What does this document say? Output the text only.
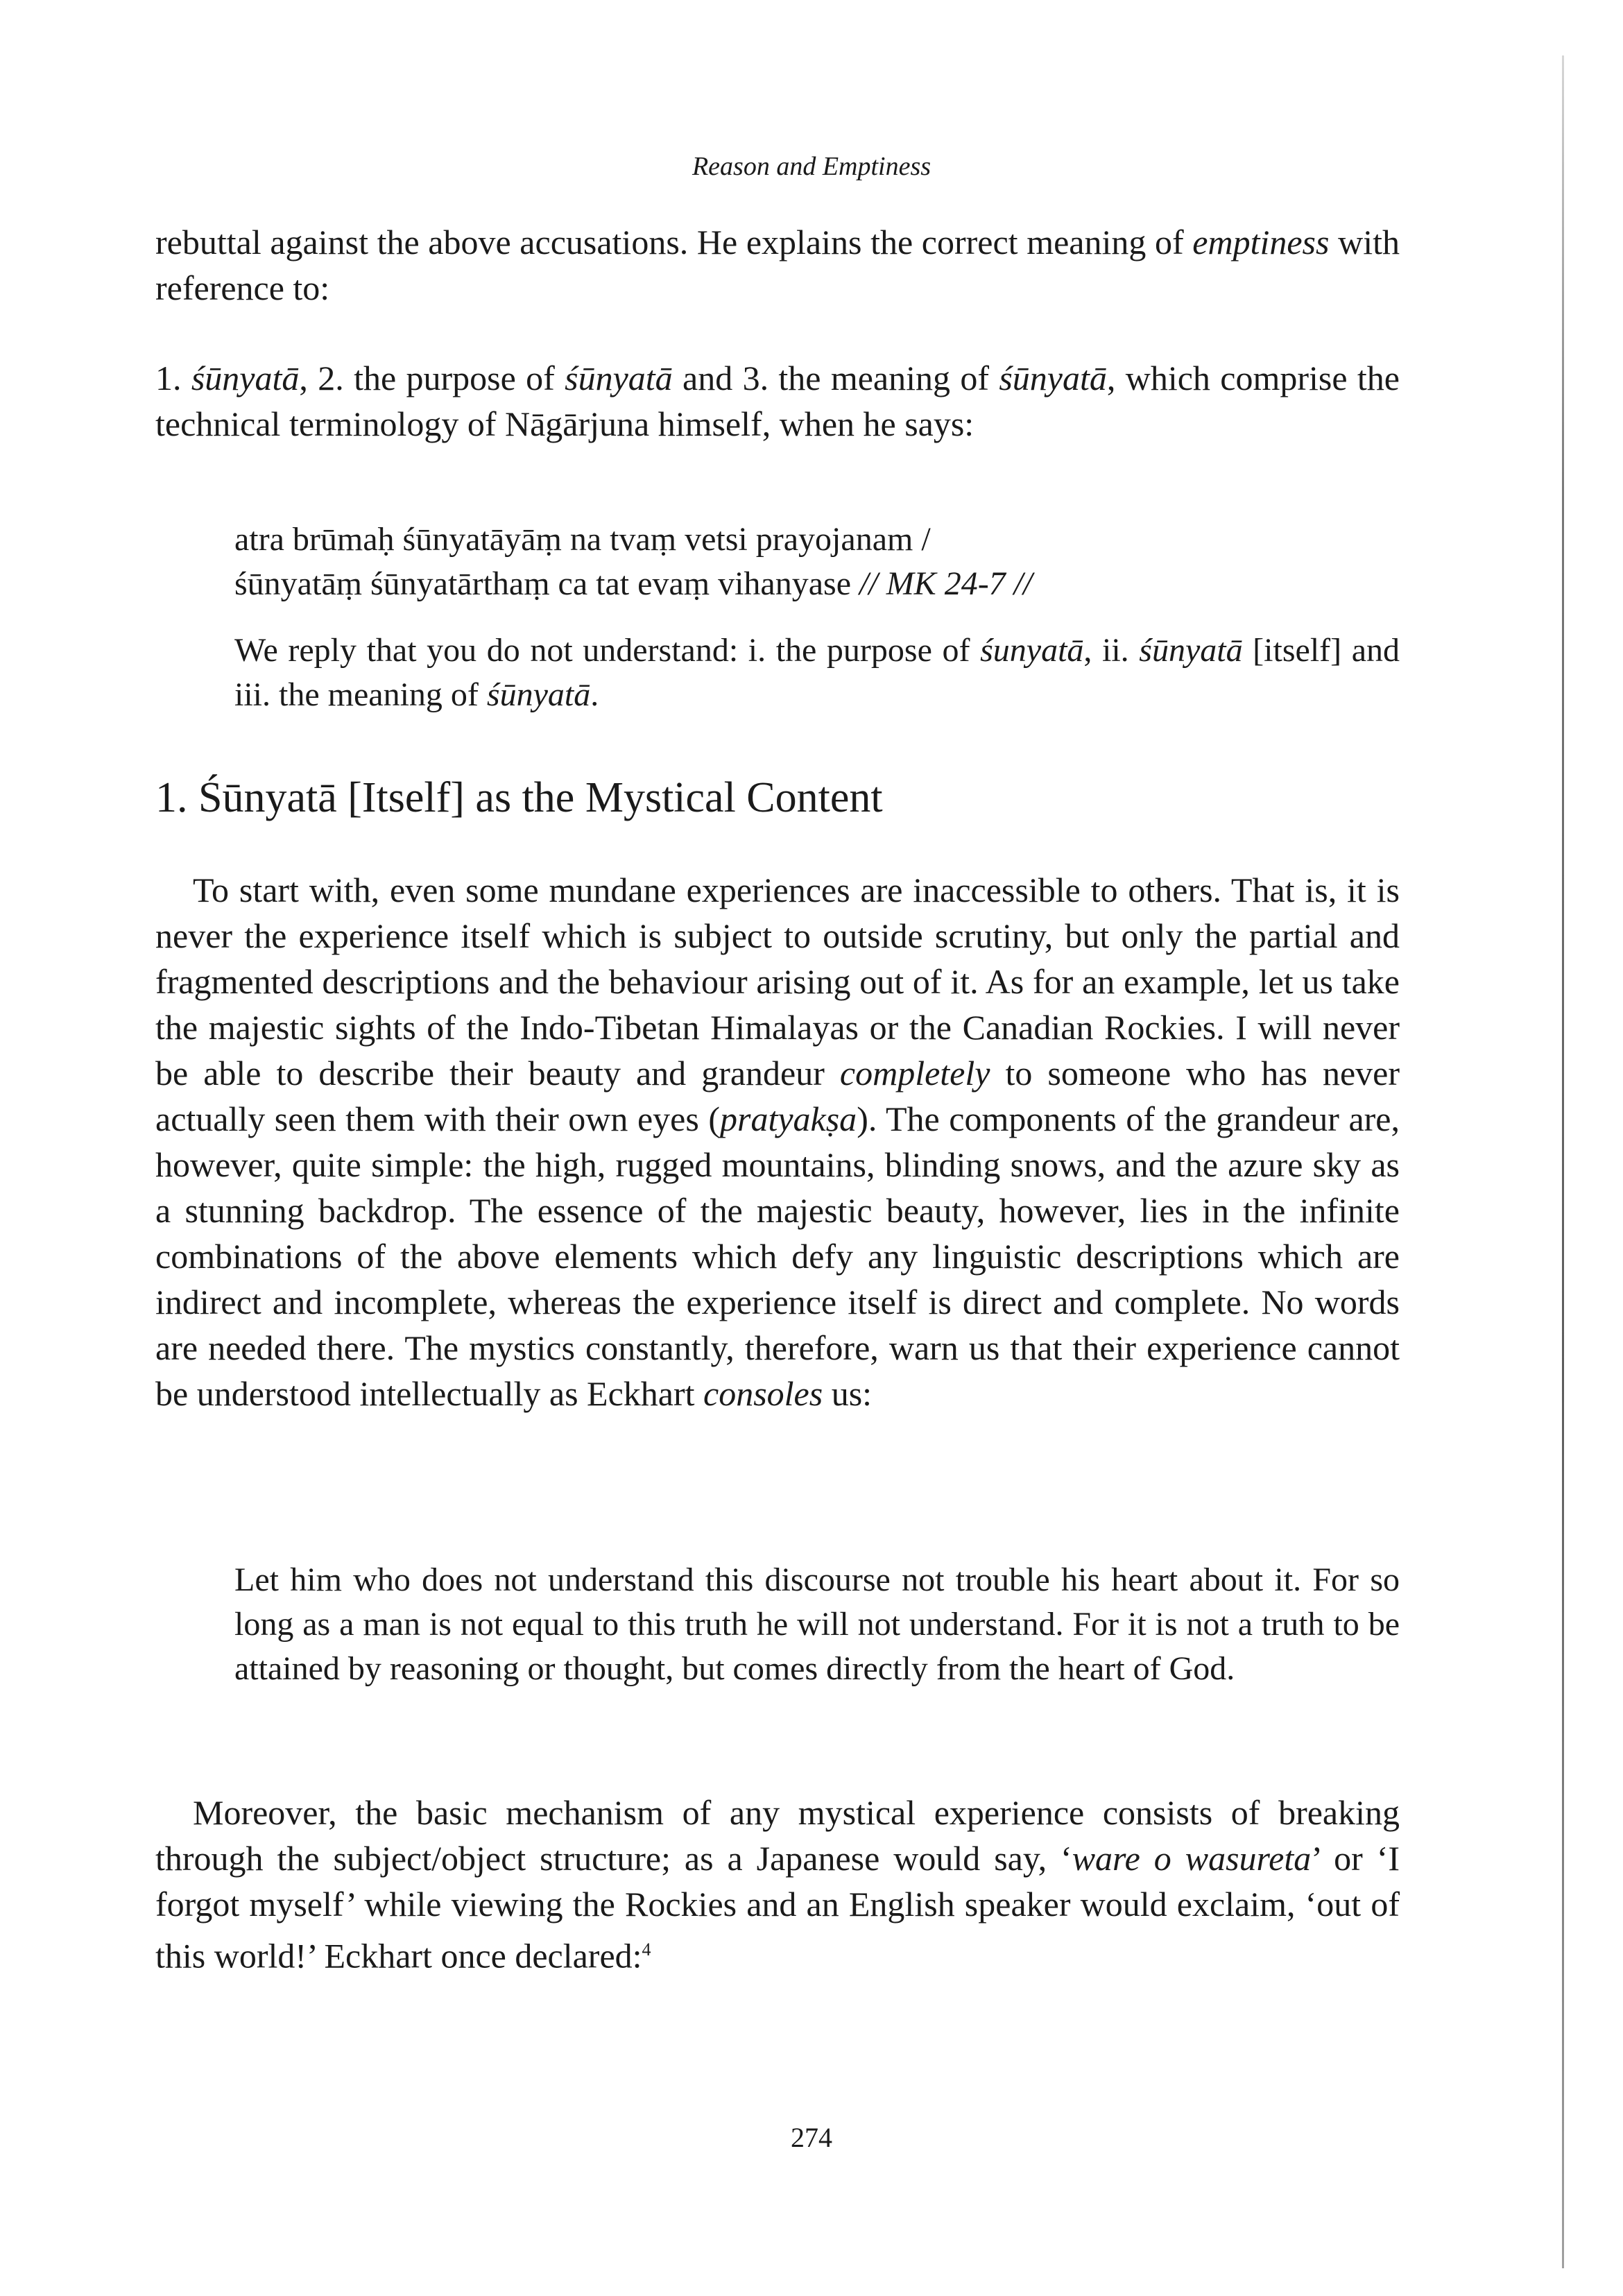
Reason and Emptiness
rebuttal against the above accusations. He explains the correct meaning of emptiness with reference to:
1. śūnyatā, 2. the purpose of śūnyatā and 3. the meaning of śūnyatā, which comprise the technical terminology of Nāgārjuna himself, when he says:
atra brūmaḥ śūnyatāyāṃ na tvaṃ vetsi prayojanam /
śūnyatāṃ śūnyatārthaṃ ca tat evaṃ vihanyase // MK 24-7 //
We reply that you do not understand: i. the purpose of śunyatā, ii. śūnyatā [itself] and iii. the meaning of śūnyatā.
1. Śūnyatā [Itself] as the Mystical Content
To start with, even some mundane experiences are inaccessible to others. That is, it is never the experience itself which is subject to outside scrutiny, but only the partial and fragmented descriptions and the behaviour arising out of it. As for an example, let us take the majestic sights of the Indo-Tibetan Himalayas or the Canadian Rockies. I will never be able to describe their beauty and grandeur completely to someone who has never actually seen them with their own eyes (pratyakṣa). The components of the grandeur are, however, quite simple: the high, rugged mountains, blinding snows, and the azure sky as a stunning backdrop. The essence of the majestic beauty, however, lies in the infinite combinations of the above elements which defy any linguistic descriptions which are indirect and incomplete, whereas the experience itself is direct and complete. No words are needed there. The mystics constantly, therefore, warn us that their experience cannot be understood intellectually as Eckhart consoles us:
Let him who does not understand this discourse not trouble his heart about it. For so long as a man is not equal to this truth he will not understand. For it is not a truth to be attained by reasoning or thought, but comes directly from the heart of God.
Moreover, the basic mechanism of any mystical experience consists of breaking through the subject/object structure; as a Japanese would say, ‘ware o wasureta’ or ‘I forgot myself’ while viewing the Rockies and an English speaker would exclaim, ‘out of this world!’ Eckhart once declared:$^4$
274
